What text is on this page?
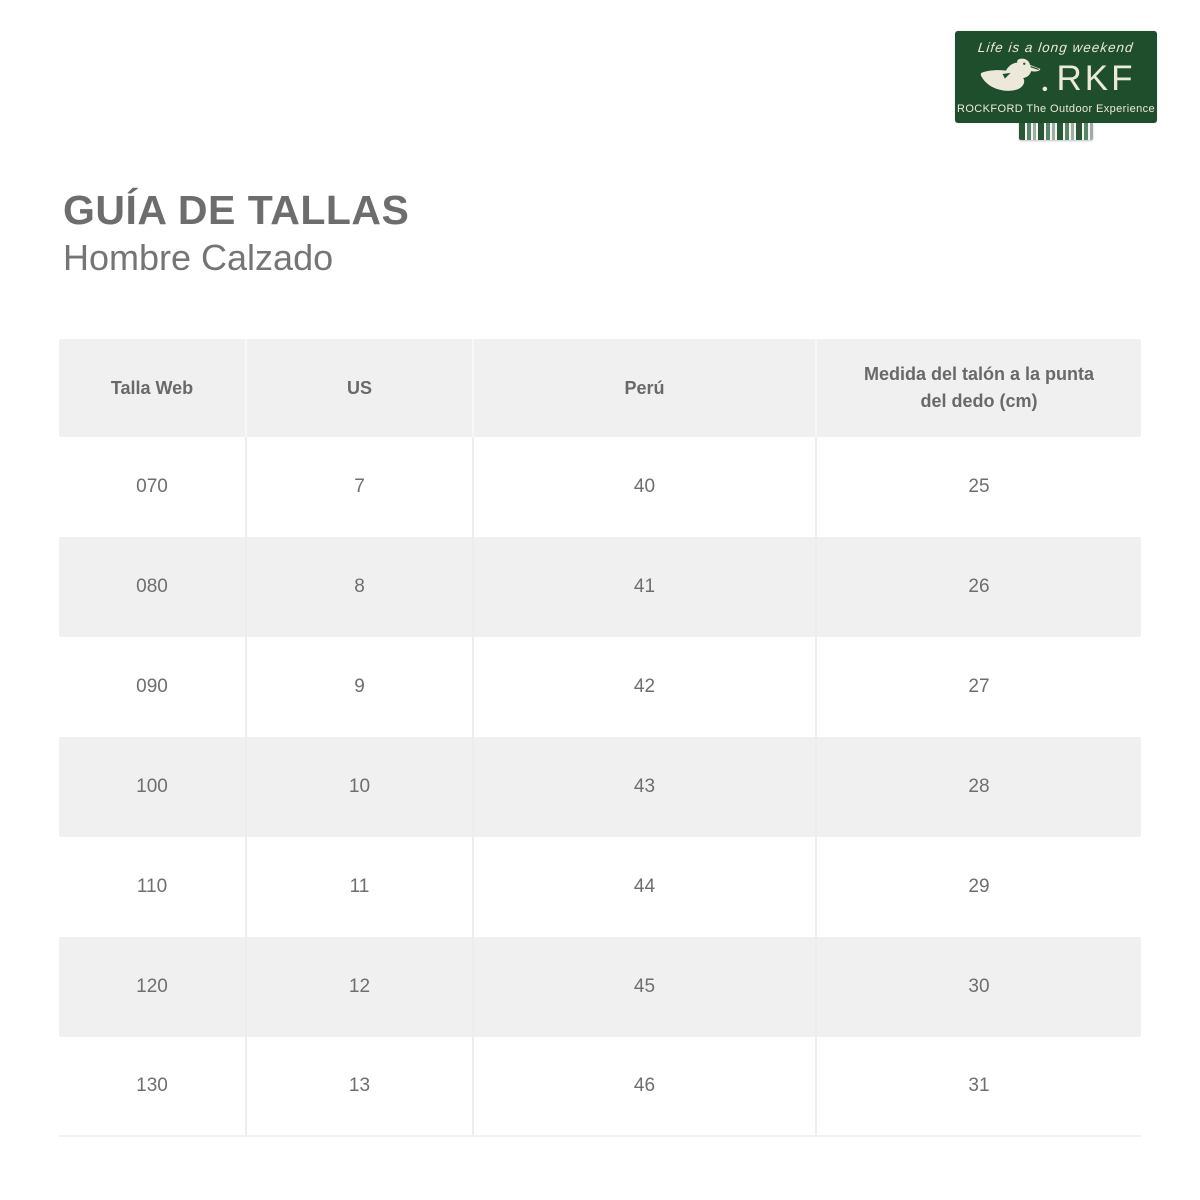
Life is a long weekend
RKF
ROCKFORD The Outdoor Experience
GUÍA DE TALLAS
Hombre Calzado
Talla Web	US	Perú	Medida del talón a la punta del dedo (cm)
070	7	40	25
080	8	41	26
090	9	42	27
100	10	43	28
110	11	44	29
120	12	45	30
130	13	46	31
